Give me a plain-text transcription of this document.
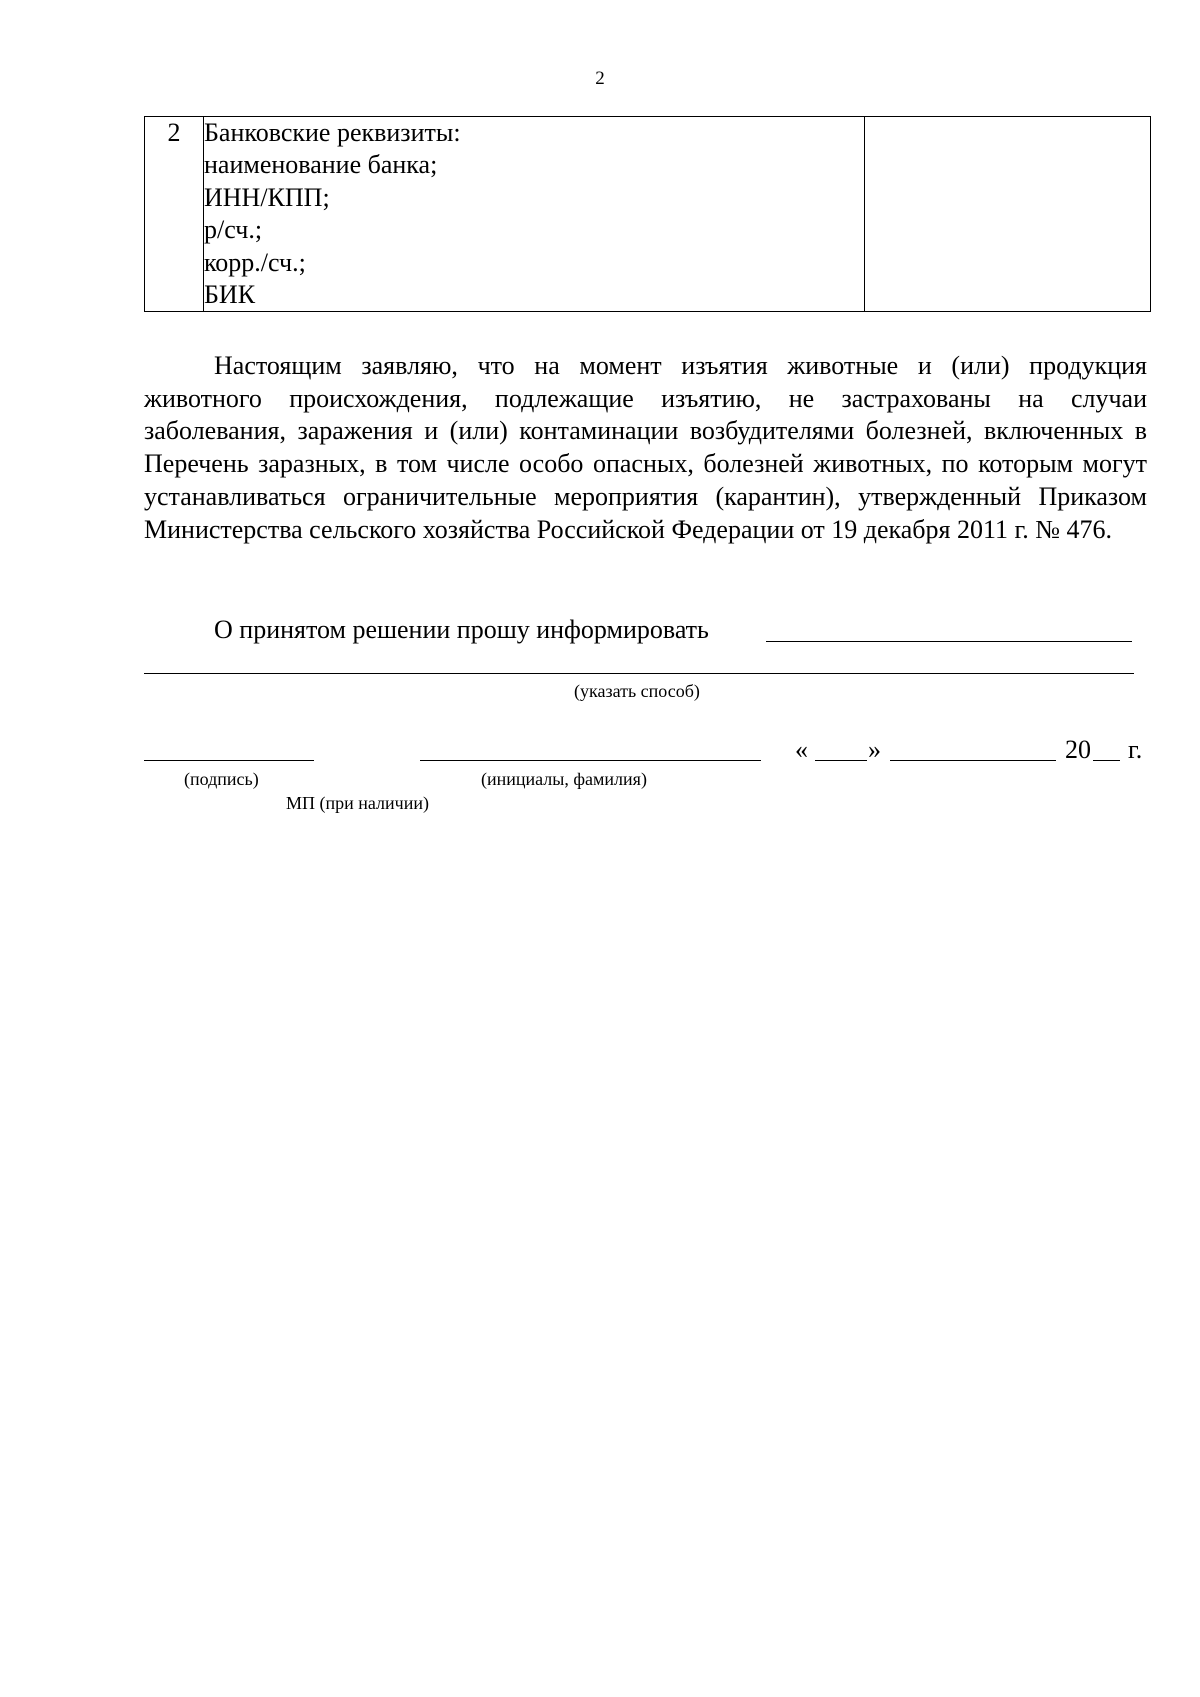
2
2	Банковские реквизиты:
наименование банка;
ИНН/КПП;
р/сч.;
корр./сч.;
БИК

Настоящим заявляю, что на момент изъятия животные и (или) продукция животного происхождения, подлежащие изъятию, не застрахованы на случаи заболевания, заражения и (или) контаминации возбудителями болезней, включенных в Перечень заразных, в том числе особо опасных, болезней животных, по которым могут устанавливаться ограничительные мероприятия (карантин), утвержденный Приказом Министерства сельского хозяйства Российской Федерации от 19 декабря 2011 г. № 476.

О принятом решении прошу информировать
(указать способ)
« »	20 г.
(подпись)	(инициалы, фамилия)
МП (при наличии)
